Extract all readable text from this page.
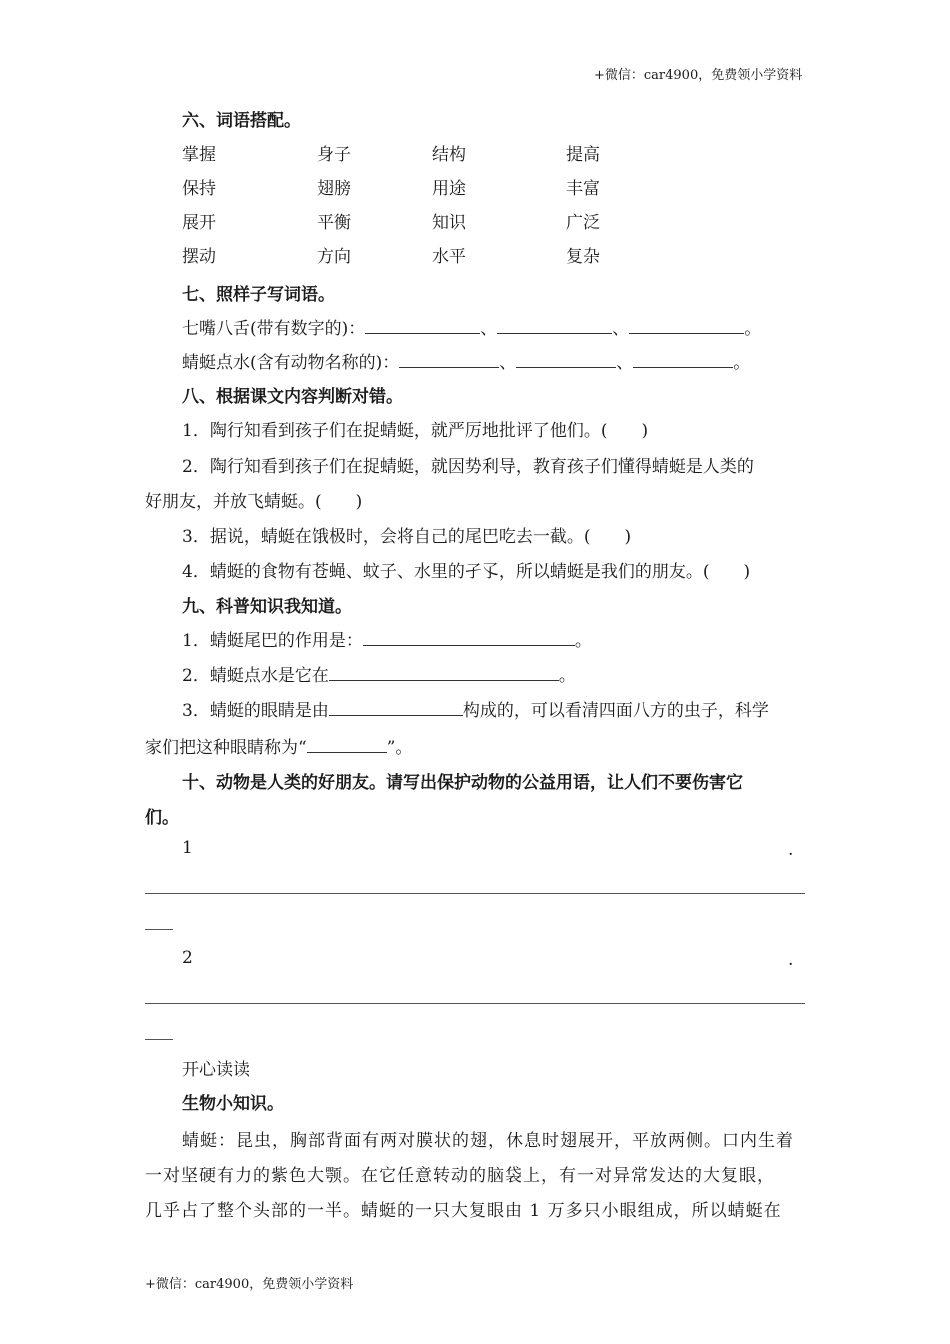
+微信：car4900，免费领小学资料
六、词语搭配。
掌握	身子	结构	提高
保持	翅膀	用途	丰富
展开	平衡	知识	广泛
摆动	方向	水平	复杂
七、照样子写词语。
七嘴八舌(带有数字的)：	、	、	。
蜻蜓点水(含有动物名称的)：	、	、	。
八、根据课文内容判断对错。
1．陶行知看到孩子们在捉蜻蜓，就严厉地批评了他们。(　　)
2．陶行知看到孩子们在捉蜻蜓，就因势利导，教育孩子们懂得蜻蜓是人类的
好朋友，并放飞蜻蜓。(　　)
3．据说，蜻蜓在饿极时，会将自己的尾巴吃去一截。(　　)
4．蜻蜓的食物有苍蝇、蚊子、水里的孑孓，所以蜻蜓是我们的朋友。(　　)
九、科普知识我知道。
1．蜻蜓尾巴的作用是：	。
2．蜻蜓点水是它在	。
3．蜻蜓的眼睛是由	构成的，可以看清四面八方的虫子，科学
家们把这种眼睛称为“	”。
十、动物是人类的好朋友。请写出保护动物的公益用语，让人们不要伤害它
们。
1	.
2	.
开心读读
生物小知识。
蜻蜓：昆虫，胸部背面有两对膜状的翅，休息时翅展开，平放两侧。口内生着
一对坚硬有力的紫色大颚。在它任意转动的脑袋上，有一对异常发达的大复眼，
几乎占了整个头部的一半。蜻蜓的一只大复眼由 1 万多只小眼组成，所以蜻蜓在
+微信：car4900，免费领小学资料
